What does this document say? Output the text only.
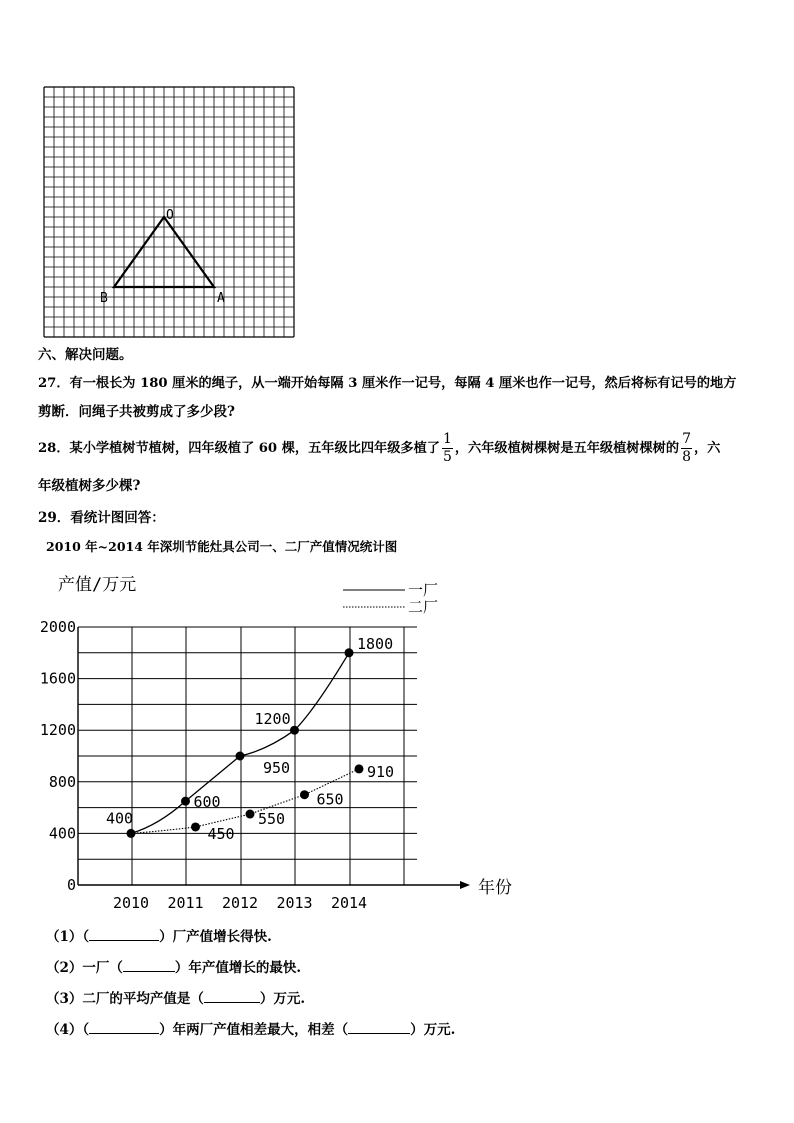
O
B	A
六、解决问题。
27．有一根长为 180 厘米的绳子，从一端开始每隔 3 厘米作一记号，每隔 4 厘米也作一记号，然后将标有记号的地方
剪断．问绳子共被剪成了多少段?
28．某小学植树节植树，四年级植了 60 棵，五年级比四年级多植了 $\frac{1}{5}$ ，六年级植树棵树是五年级植树棵树的 $\frac{7}{8}$ ，六
年级植树多少棵?
29．看统计图回答：
2010 年~2014 年深圳节能灶具公司一、二厂产值情况统计图
0
400
800
1200
1600
2000
2010 2011 2012 2013 2014
400
600
1200
1800
450
550
650
910
950
产值/万元
年份
一厂
二厂
（1）（	）厂产值增长得快.
（2）一厂（	）年产值增长的最快.
（3）二厂的平均产值是（	）万元.
（4）（	）年两厂产值相差最大，相差（	）万元.
